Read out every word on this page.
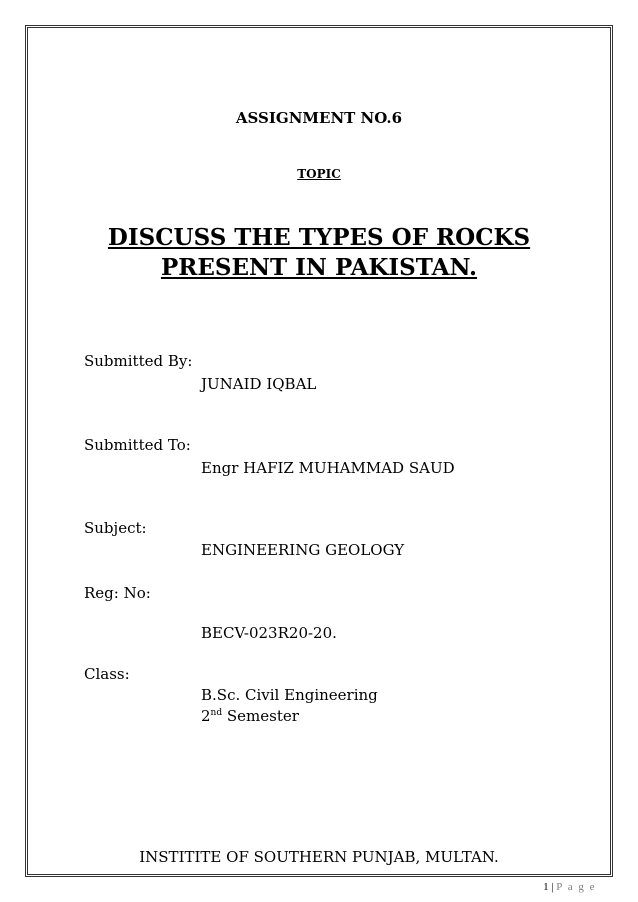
ASSIGNMENT NO.6
TOPIC
DISCUSS THE TYPES OF ROCKS
PRESENT IN PAKISTAN.
Submitted By:
JUNAID IQBAL
Submitted To:
Engr HAFIZ MUHAMMAD SAUD
Subject:
ENGINEERING GEOLOGY
Reg: No:
BECV-023R20-20.
Class:
B.Sc. Civil Engineering
2nd Semester
INSTITITE OF SOUTHERN PUNJAB, MULTAN.
1 | P a g e
